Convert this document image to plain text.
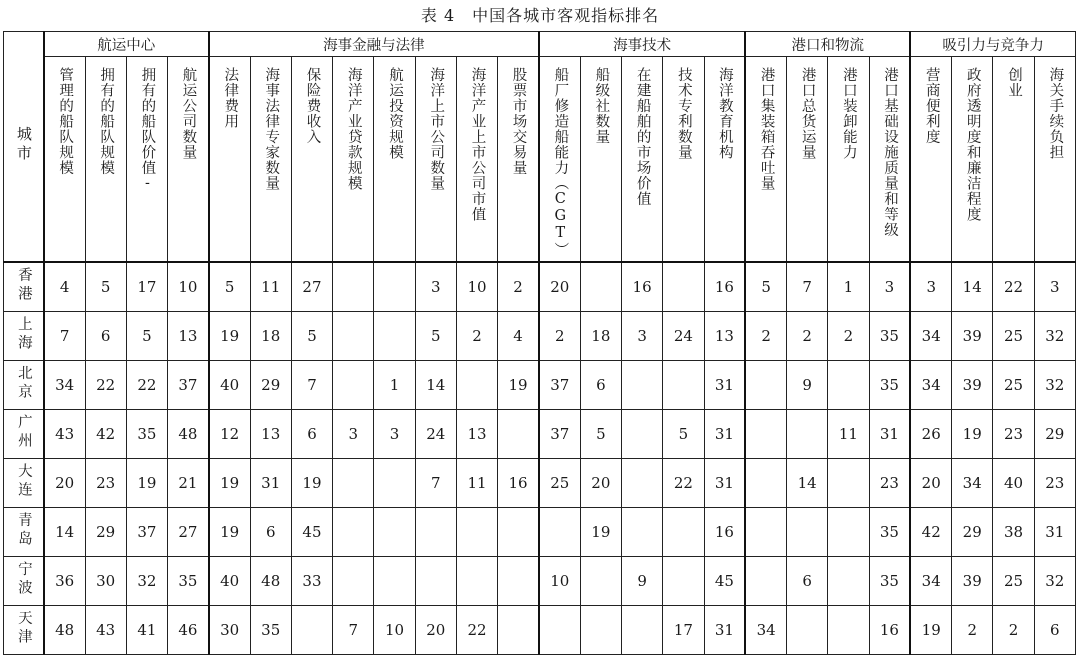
表 4　中国各城市客观指标排名
城市	航运中心				海事金融与法律								海事技术					港口和物流				吸引力与竞争力			
	管理的船队规模	拥有的船队规模	拥有的船队价值-	航运公司数量	法律费用	海事法律专家数量	保险费收入	海洋产业贷款规模	航运投资规模	海洋上市公司数量	海洋产业上市公司市值	股票市场交易量	船厂修造船能力（CGT）	船级社数量	在建船舶的市场价值	技术专利数量	海洋教育机构	港口集装箱吞吐量	港口总货运量	港口装卸能力	港口基础设施质量和等级	营商便利度	政府透明度和廉洁程度	创业	海关手续负担
香港	4	5	17	10	5	11	27			3	10	2	20		16		16	5	7	1	3	3	14	22	3
上海	7	6	5	13	19	18	5			5	2	4	2	18	3	24	13	2	2	2	35	34	39	25	32
北京	34	22	22	37	40	29	7		1	14		19	37	6			31		9		35	34	39	25	32
广州	43	42	35	48	12	13	6	3	3	24	13		37	5		5	31			11	31	26	19	23	29
大连	20	23	19	21	19	31	19			7	11	16	25	20		22	31		14		23	20	34	40	23
青岛	14	29	37	27	19	6	45							19			16				35	42	29	38	31
宁波	36	30	32	35	40	48	33						10		9		45		6		35	34	39	25	32
天津	48	43	41	46	30	35		7	10	20	22					17	31	34			16	19	2	2	6
